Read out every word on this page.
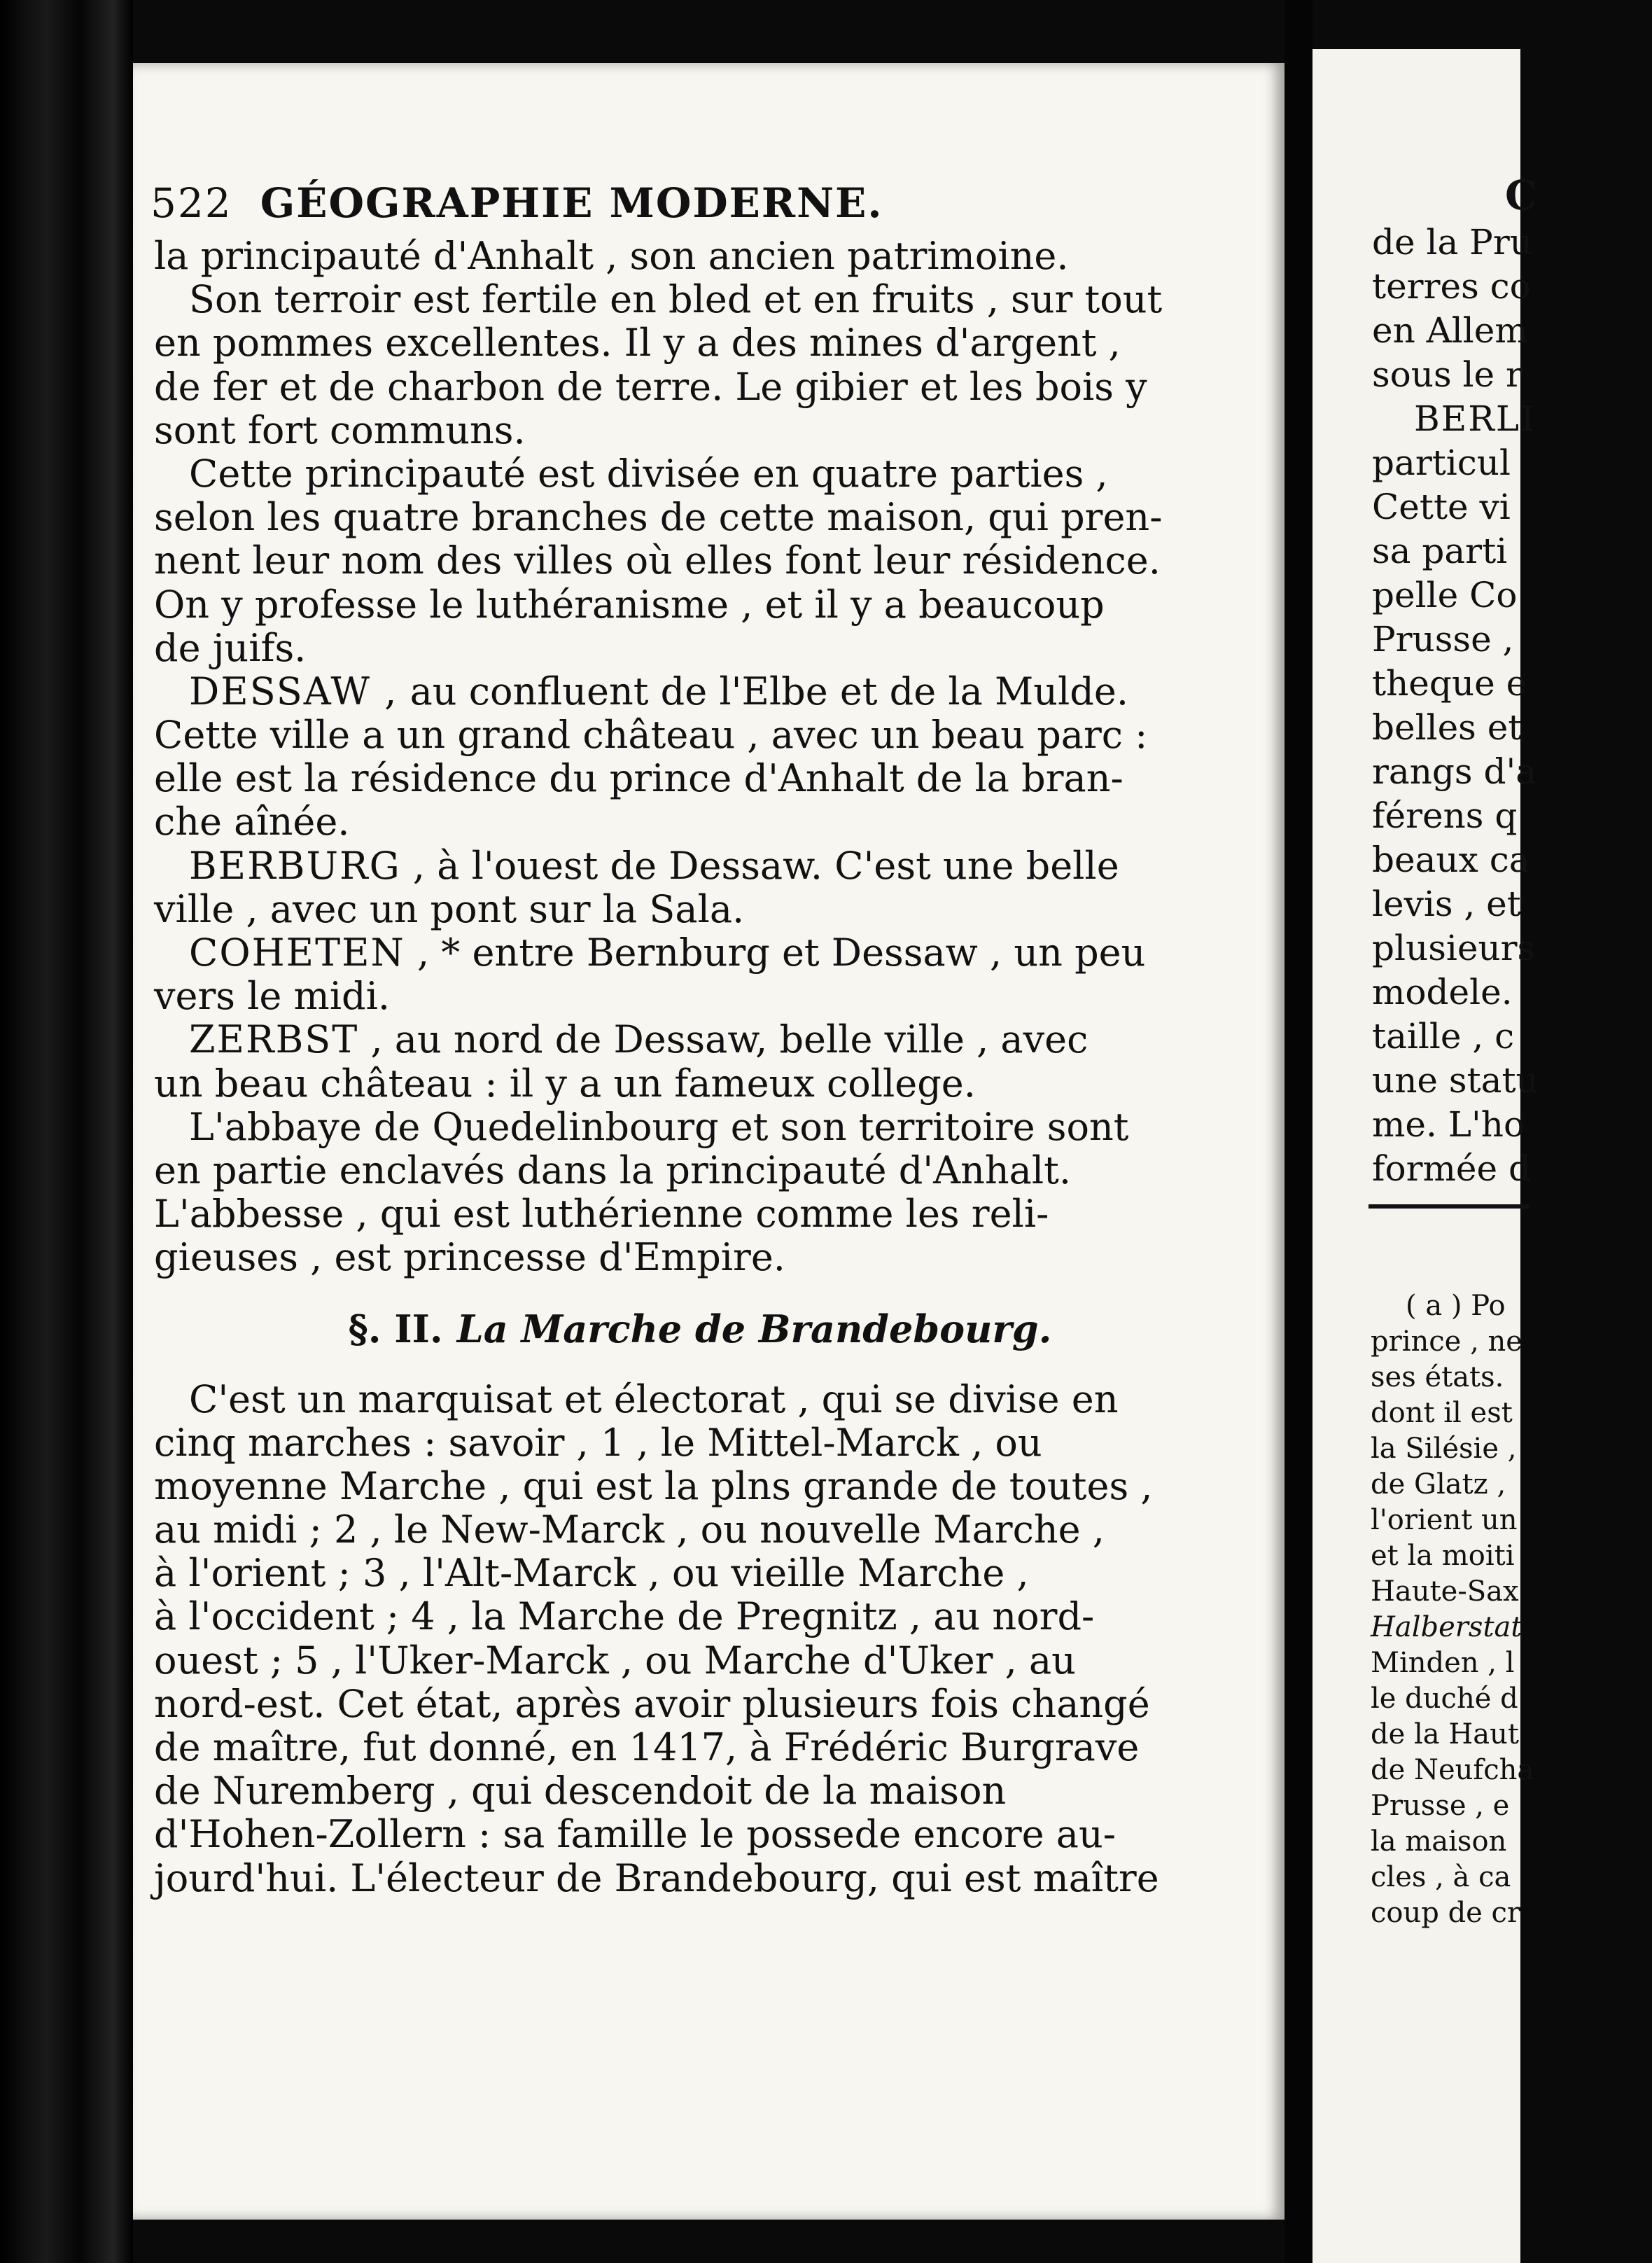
522 GÉOGRAPHIE MODERNE.
la principauté d'Anhalt , son ancien patrimoine.
Son terroir est fertile en bled et en fruits , sur tout
en pommes excellentes. Il y a des mines d'argent ,
de fer et de charbon de terre. Le gibier et les bois y
sont fort communs.
Cette principauté est divisée en quatre parties ,
selon les quatre branches de cette maison, qui pren-
nent leur nom des villes où elles font leur résidence.
On y professe le luthéranisme , et il y a beaucoup
de juifs.
DESSAW , au confluent de l'Elbe et de la Mulde.
Cette ville a un grand château , avec un beau parc :
elle est la résidence du prince d'Anhalt de la bran-
che aînée.
BERBURG , à l'ouest de Dessaw. C'est une belle
ville , avec un pont sur la Sala.
COHETEN , * entre Bernburg et Dessaw , un peu
vers le midi.
ZERBST , au nord de Dessaw, belle ville , avec
un beau château : il y a un fameux college.
L'abbaye de Quedelinbourg et son territoire sont
en partie enclavés dans la principauté d'Anhalt.
L'abbesse , qui est luthérienne comme les reli-
gieuses , est princesse d'Empire.
§. II. La Marche de Brandebourg.
C'est un marquisat et électorat , qui se divise en
cinq marches : savoir , 1 , le Mittel-Marck , ou
moyenne Marche , qui est la plns grande de toutes ,
au midi ; 2 , le New-Marck , ou nouvelle Marche ,
à l'orient ; 3 , l'Alt-Marck , ou vieille Marche ,
à l'occident ; 4 , la Marche de Pregnitz , au nord-
ouest ; 5 , l'Uker-Marck , ou Marche d'Uker , au
nord-est. Cet état, après avoir plusieurs fois changé
de maître, fut donné, en 1417, à Frédéric Burgrave
de Nuremberg , qui descendoit de la maison
d'Hohen-Zollern : sa famille le possede encore au-
jourd'hui. L'électeur de Brandebourg, qui est maître
C
de la Pru
terres co
en Allem
sous le r
BERLI
particul
Cette vi
sa parti
pelle Co
Prusse ,
theque e
belles et
rangs d'a
férens q
beaux ca
levis , et
plusieurs
modele.
taille , c
une statu
me. L'ho
formée d
( a ) Po
prince , ne
ses états.
dont il est
la Silésie ,
de Glatz ,
l'orient un
et la moiti
Haute-Sax
Halberstat
Minden , l
le duché d
de la Haut
de Neufcha
Prusse , e
la maison
cles , à ca
coup de cr
